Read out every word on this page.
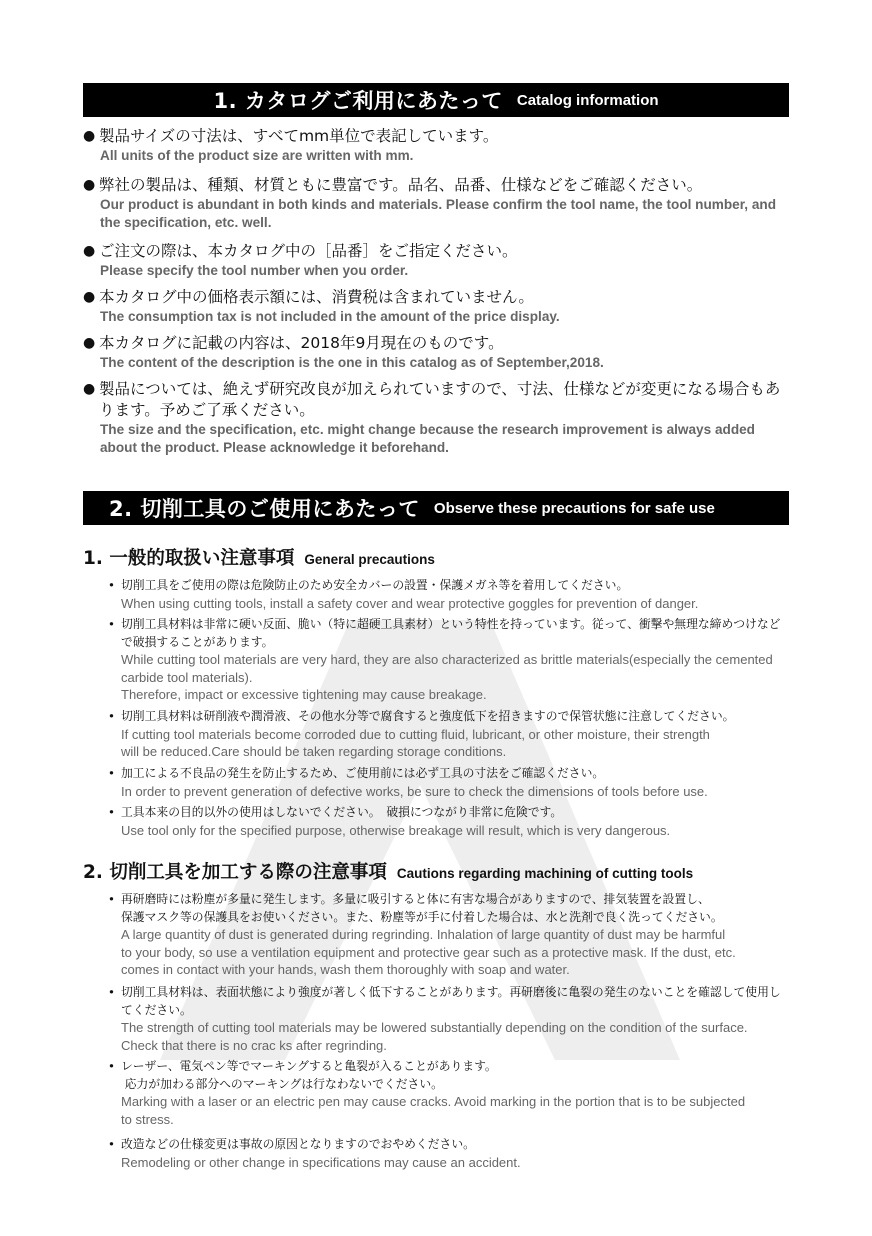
1. カタログご利用にあたって Catalog information
● 製品サイズの寸法は、すべてmm単位で表記しています。
All units of the product size are written with mm.
● 弊社の製品は、種類、材質ともに豊富です。品名、品番、仕様などをご確認ください。
Our product is abundant in both kinds and materials. Please confirm the tool name, the tool number, and the specification, etc. well.
● ご注文の際は、本カタログ中の［品番］をご指定ください。
Please specify the tool number when you order.
● 本カタログ中の価格表示額には、消費税は含まれていません。
The consumption tax is not included in the amount of the price display.
● 本カタログに記載の内容は、2018年9月現在のものです。
The content of the description is the one in this catalog as of September,2018.
● 製品については、絶えず研究改良が加えられていますので、寸法、仕様などが変更になる場合もあります。予めご了承ください。
The size and the specification, etc. might change because the research improvement is always added about the product. Please acknowledge it beforehand.
2. 切削工具のご使用にあたって Observe these precautions for safe use
1. 一般的取扱い注意事項 General precautions
• 切削工具をご使用の際は危険防止のため安全カバーの設置・保護メガネ等を着用してください。
When using cutting tools, install a safety cover and wear protective goggles for prevention of danger.
• 切削工具材料は非常に硬い反面、脆い（特に超硬工具素材）という特性を持っています。従って、衝撃や無理な締めつけなどで破損することがあります。
While cutting tool materials are very hard, they are also characterized as brittle materials(especially the cemented carbide tool materials).
Therefore, impact or excessive tightening may cause breakage.
• 切削工具材料は研削液や潤滑液、その他水分等で腐食すると強度低下を招きますので保管状態に注意してください。
If cutting tool materials become corroded due to cutting fluid, lubricant, or other moisture, their strength
will be reduced.Care should be taken regarding storage conditions.
• 加工による不良品の発生を防止するため、ご使用前には必ず工具の寸法をご確認ください。
In order to prevent generation of defective works, be sure to check the dimensions of tools before use.
• 工具本来の目的以外の使用はしないでください。　破損につながり非常に危険です。
Use tool only for the specified purpose, otherwise breakage will result, which is very dangerous.
2. 切削工具を加工する際の注意事項 Cautions regarding machining of cutting tools
• 再研磨時には粉塵が多量に発生します。多量に吸引すると体に有害な場合がありますので、排気装置を設置し、
保護マスク等の保護具をお使いください。また、粉塵等が手に付着した場合は、水と洗剤で良く洗ってください。
A large quantity of dust is generated during regrinding. Inhalation of large quantity of dust may be harmful
to your body, so use a ventilation equipment and protective gear such as a protective mask. If the dust, etc.
comes in contact with your hands, wash them thoroughly with soap and water.
• 切削工具材料は、表面状態により強度が著しく低下することがあります。再研磨後に亀裂の発生のないことを確認して使用してください。
The strength of cutting tool materials may be lowered substantially depending on the condition of the surface.
Check that there is no crac ks after regrinding.
• レーザー、電気ペン等でマーキングすると亀裂が入ることがあります。
応力が加わる部分へのマーキングは行なわないでください。
Marking with a laser or an electric pen may cause cracks. Avoid marking in the portion that is to be subjected
to stress.
• 改造などの仕様変更は事故の原因となりますのでおやめください。
Remodeling or other change in specifications may cause an accident.
